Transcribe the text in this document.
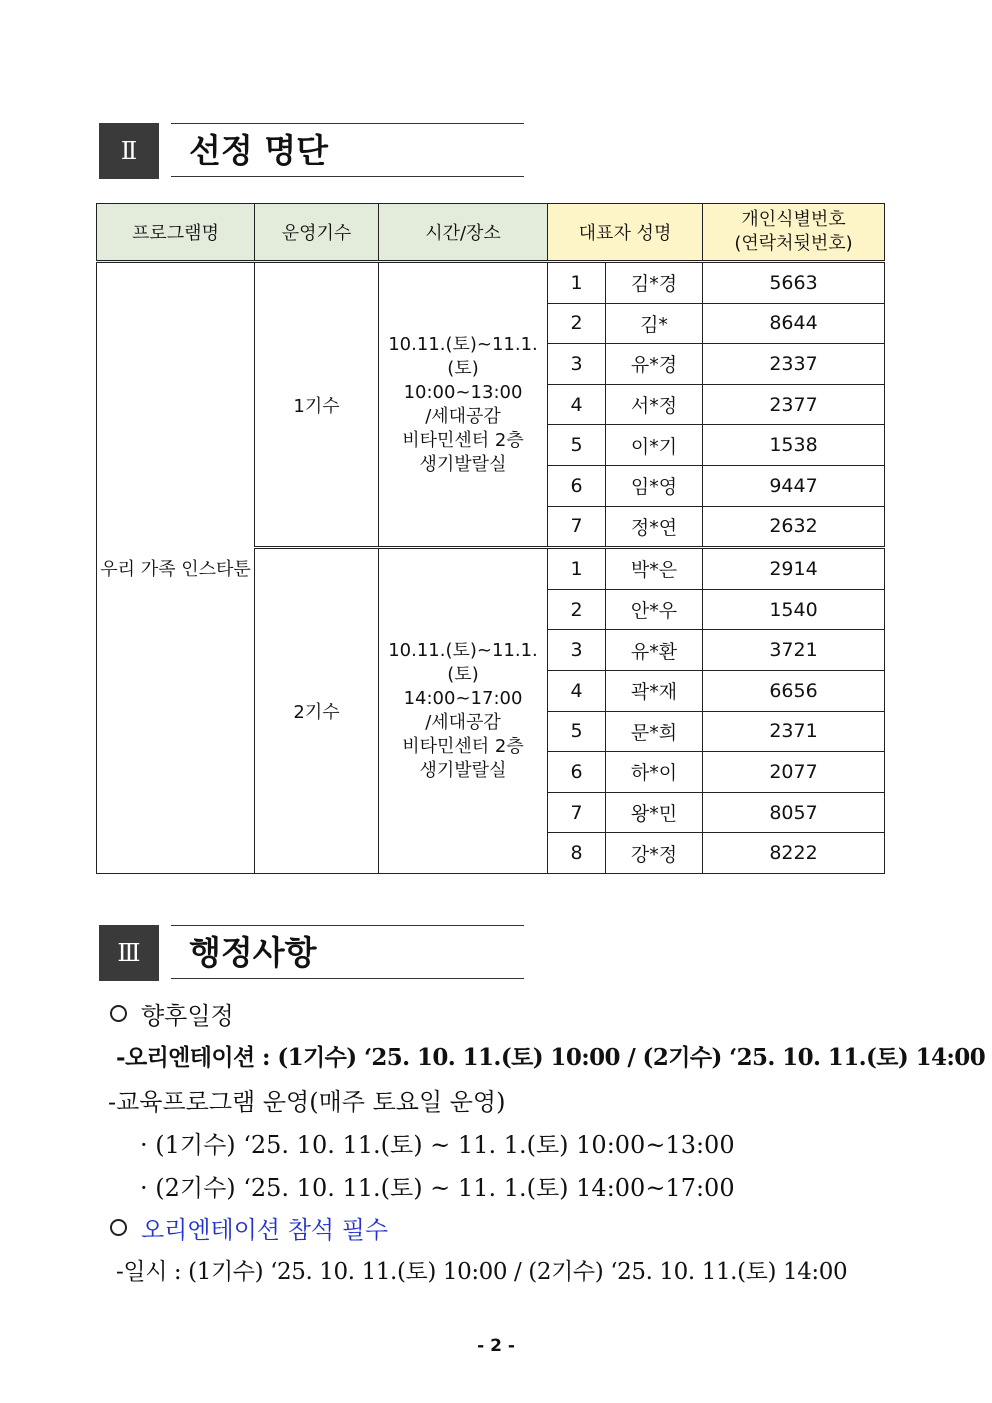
Ⅱ	선정 명단
프로그램명	운영기수	시간/장소	대표자 성명		개인식별번호
(연락처뒷번호)

우리 가족 인스타툰	1기수	10.11.(토)~11.1.(토)
10:00~13:00
/세대공감
비타민센터 2층
생기발랄실	1	김*경	5663
			2	김*	8644
			3	유*경	2337
			4	서*정	2377
			5	이*기	1538
			6	임*영	9447
			7	정*연	2632
	2기수	10.11.(토)~11.1.(토)
14:00~17:00
/세대공감
비타민센터 2층
생기발랄실	1	박*은	2914
			2	안*우	1540
			3	유*환	3721
			4	곽*재	6656
			5	문*희	2371
			6	하*이	2077
			7	왕*민	8057
			8	강*정	8222
Ⅲ	행정사항
향후일정
-오리엔테이션 : (1기수) ‘25. 10. 11.(토) 10:00 / (2기수) ‘25. 10. 11.(토) 14:00
-교육프로그램 운영(매주 토요일 운영)
· (1기수) ‘25. 10. 11.(토) ~ 11. 1.(토) 10:00~13:00
· (2기수) ‘25. 10. 11.(토) ~ 11. 1.(토) 14:00~17:00
오리엔테이션 참석 필수
-일시 : (1기수) ‘25. 10. 11.(토) 10:00 / (2기수) ‘25. 10. 11.(토) 14:00
- 2 -
